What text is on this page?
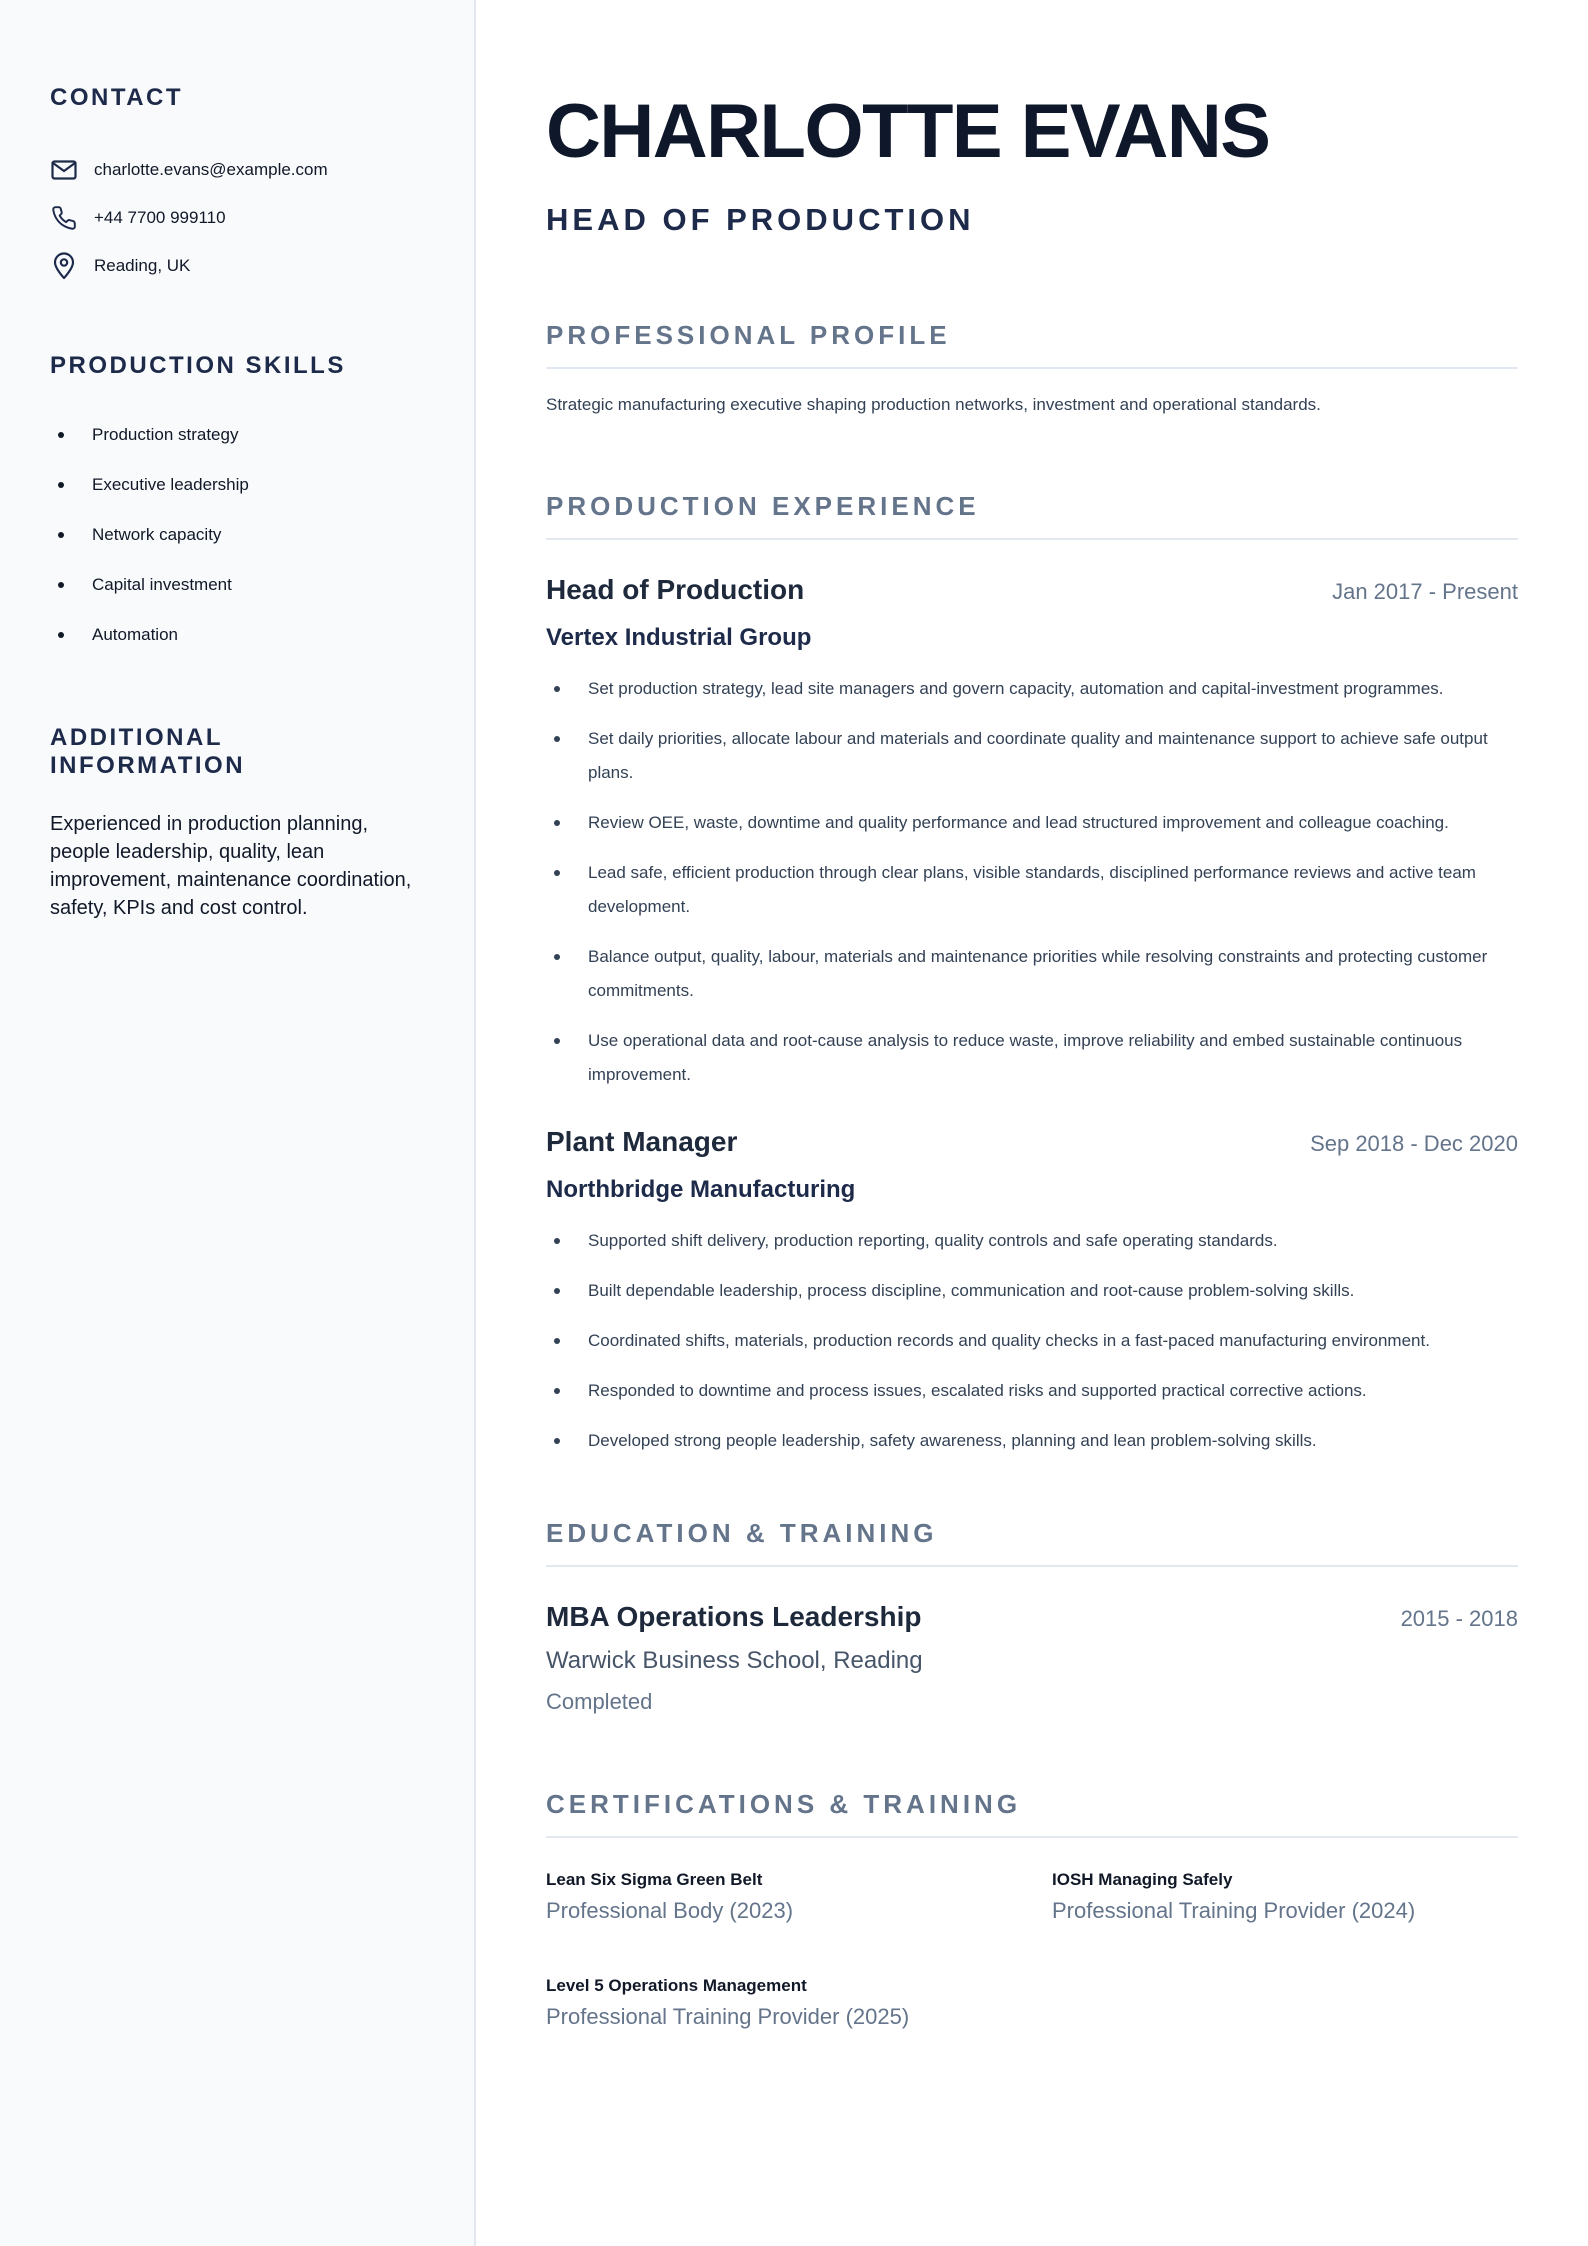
CONTACT
charlotte.evans@example.com
+44 7700 999110
Reading, UK
PRODUCTION SKILLS
Production strategy
Executive leadership
Network capacity
Capital investment
Automation
ADDITIONAL INFORMATION

Experienced in production planning, people leadership, quality, lean improvement, maintenance coordination, safety, KPIs and cost control.

CHARLOTTE EVANS
HEAD OF PRODUCTION
PROFESSIONAL PROFILE

Strategic manufacturing executive shaping production networks, investment and operational standards.

PRODUCTION EXPERIENCE
Head of Production	Jan 2017 - Present
Vertex Industrial Group
Set production strategy, lead site managers and govern capacity, automation and capital-investment programmes.
Set daily priorities, allocate labour and materials and coordinate quality and maintenance support to achieve safe output plans.
Review OEE, waste, downtime and quality performance and lead structured improvement and colleague coaching.
Lead safe, efficient production through clear plans, visible standards, disciplined performance reviews and active team development.
Balance output, quality, labour, materials and maintenance priorities while resolving constraints and protecting customer commitments.
Use operational data and root-cause analysis to reduce waste, improve reliability and embed sustainable continuous improvement.
Plant Manager	Sep 2018 - Dec 2020
Northbridge Manufacturing
Supported shift delivery, production reporting, quality controls and safe operating standards.
Built dependable leadership, process discipline, communication and root-cause problem-solving skills.
Coordinated shifts, materials, production records and quality checks in a fast-paced manufacturing environment.
Responded to downtime and process issues, escalated risks and supported practical corrective actions.
Developed strong people leadership, safety awareness, planning and lean problem-solving skills.
EDUCATION & TRAINING
MBA Operations Leadership	2015 - 2018
Warwick Business School, Reading
Completed
CERTIFICATIONS & TRAINING
Lean Six Sigma Green Belt
Professional Body (2023)
IOSH Managing Safely
Professional Training Provider (2024)
Level 5 Operations Management
Professional Training Provider (2025)
